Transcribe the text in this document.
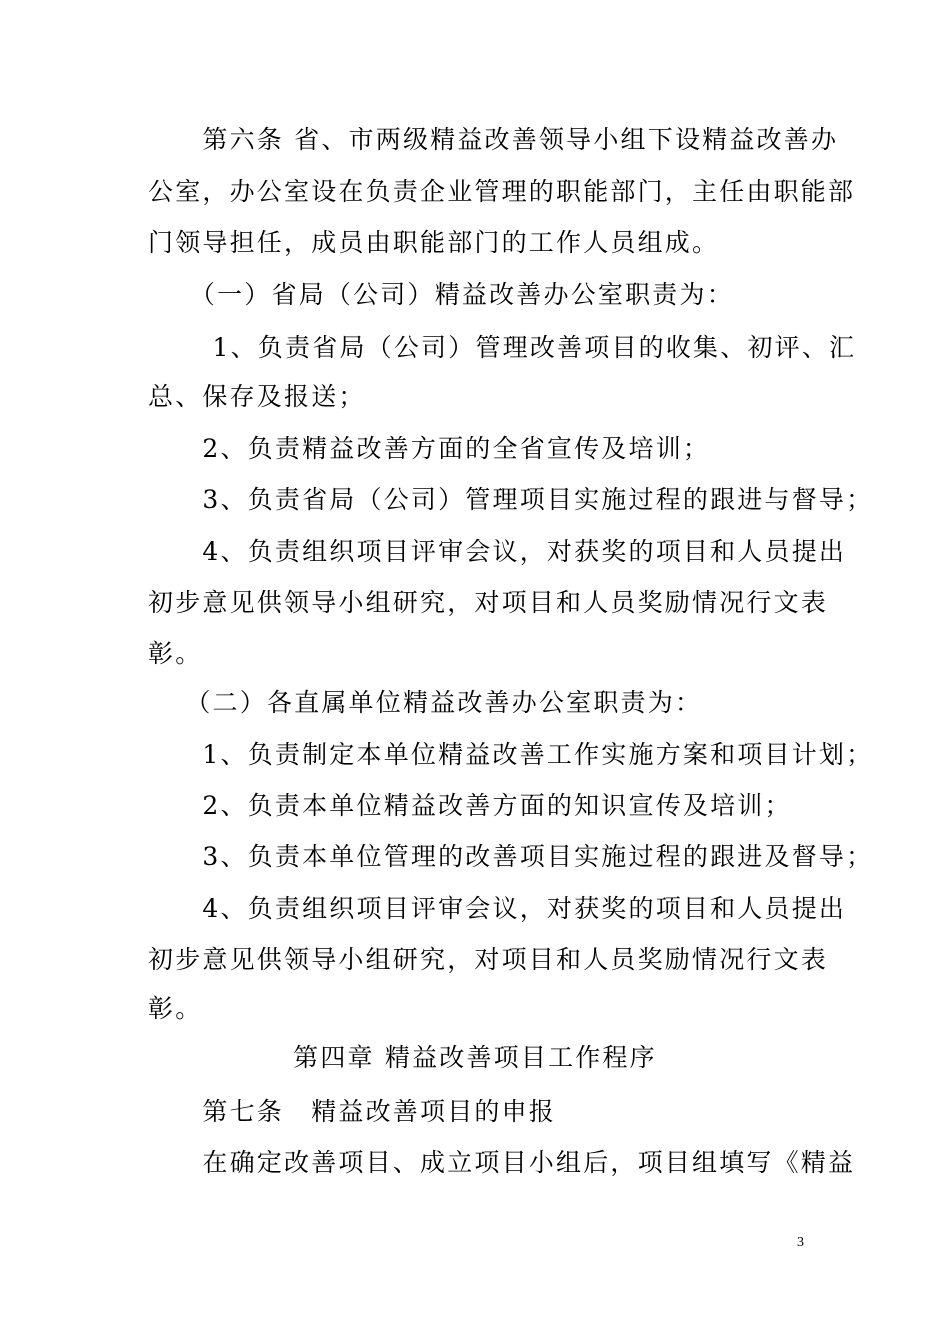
　　第六条 省、市两级精益改善领导小组下设精益改善办
公室，办公室设在负责企业管理的职能部门，主任由职能部
门领导担任，成员由职能部门的工作人员组成。
　　（一）省局（公司）精益改善办公室职责为：
　　 1、负责省局（公司）管理改善项目的收集、初评、汇
总、保存及报送；
　　2、负责精益改善方面的全省宣传及培训；
　　3、负责省局（公司）管理项目实施过程的跟进与督导；
　　4、负责组织项目评审会议，对获奖的项目和人员提出
初步意见供领导小组研究，对项目和人员奖励情况行文表
彰。
　 （二）各直属单位精益改善办公室职责为：
　　1、负责制定本单位精益改善工作实施方案和项目计划；
　　2、负责本单位精益改善方面的知识宣传及培训；
　　3、负责本单位管理的改善项目实施过程的跟进及督导；
　　4、负责组织项目评审会议，对获奖的项目和人员提出
初步意见供领导小组研究，对项目和人员奖励情况行文表
彰。
第四章 精益改善项目工作程序
　　第七条　精益改善项目的申报
　　在确定改善项目、成立项目小组后，项目组填写《精益
3
